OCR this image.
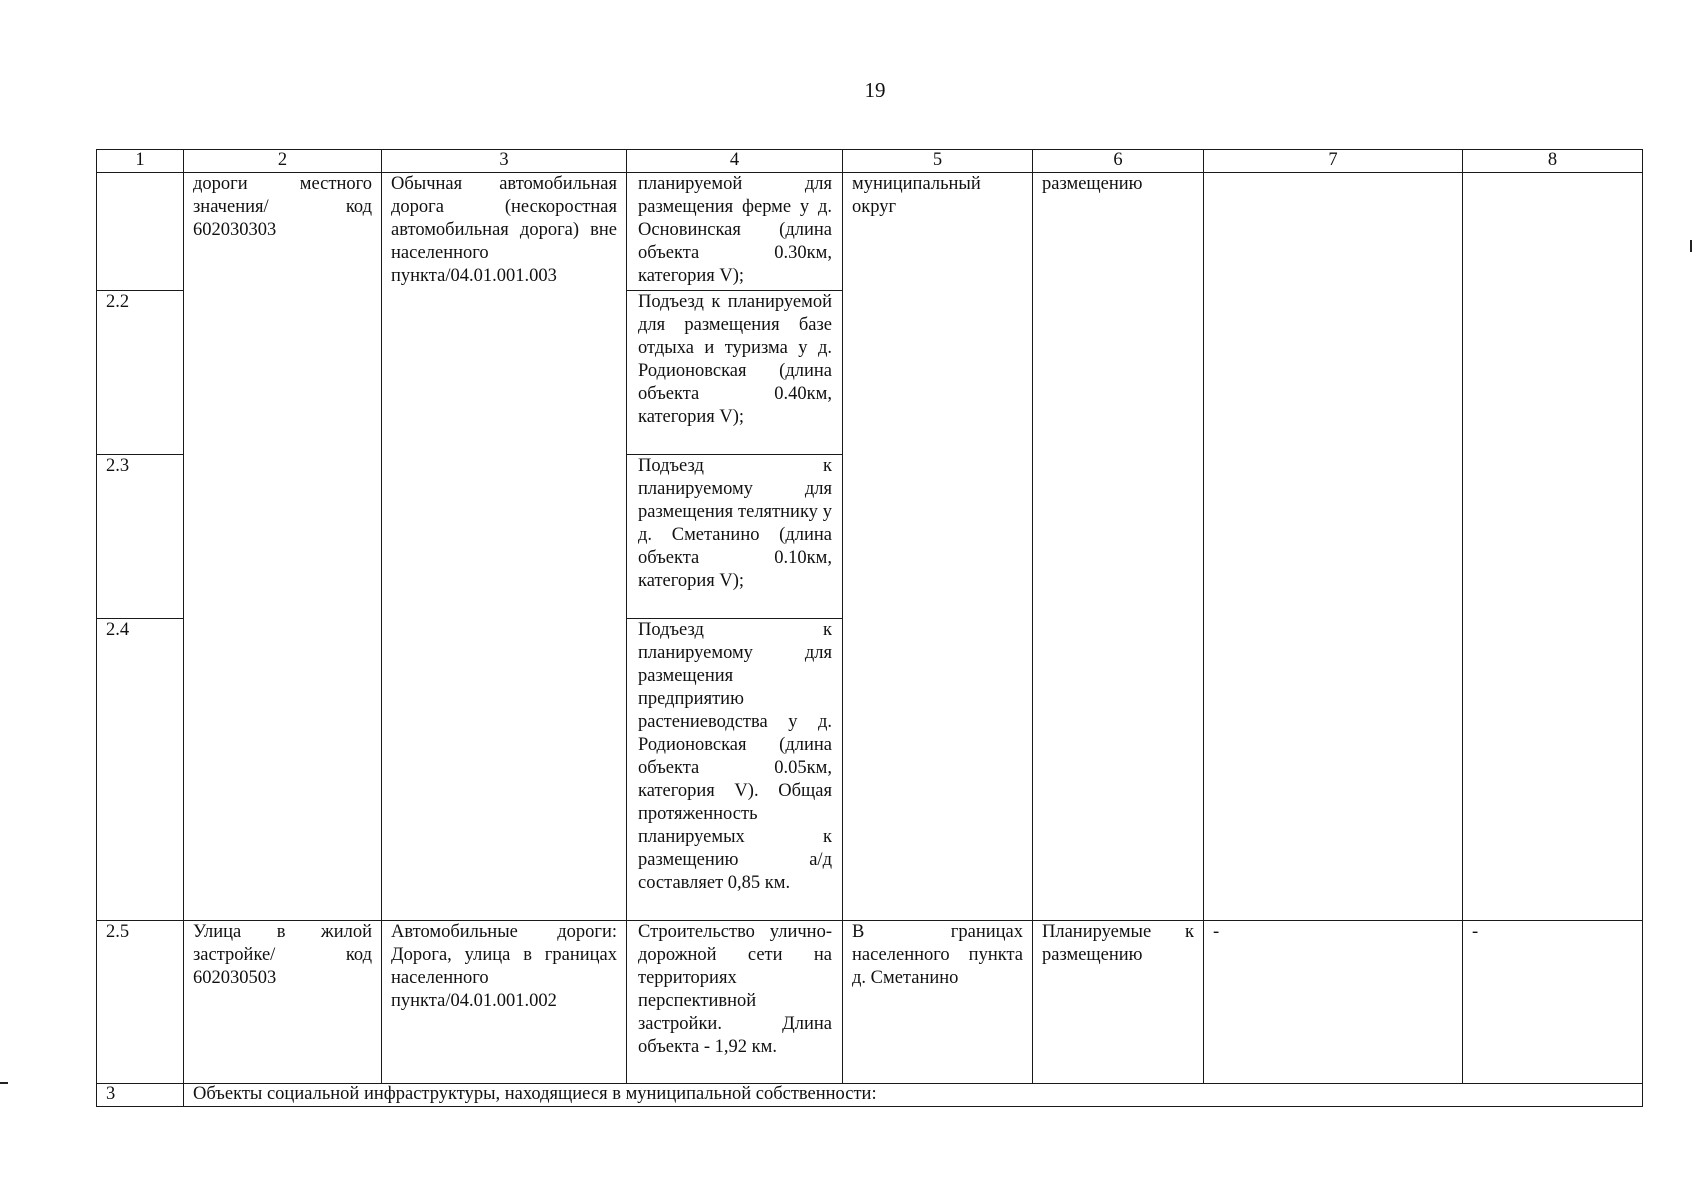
19
1	2	3	4	5	6	7	8
	дороги местного значения/ код 602030303	Обычная автомобильная дорога (нескоростная автомобильная дорога) вне населенного пункта/04.01.001.003	планируемой для размещения ферме у д. Основинская (длина объекта 0.30км, категория V);	муниципальный округ	размещению		
2.2			Подъезд к планируемой для размещения базе отдыха и туризма у д. Родионовская (длина объекта 0.40км, категория V);				
2.3			Подъезд к планируемому для размещения телятнику у д. Сметанино (длина объекта 0.10км, категория V);				
2.4			Подъезд к планируемому для размещения предприятию растениеводства у д. Родионовская (длина объекта 0.05км, категория V). Общая протяженность планируемых к размещению а/д составляет 0,85 км.				
2.5	Улица в жилой застройке/ код 602030503	Автомобильные дороги: Дорога, улица в границах населенного пункта/04.01.001.002	Строительство улично-дорожной сети на территориях перспективной застройки. Длина объекта - 1,92 км.	В границах населенного пункта д. Сметанино	Планируемые к размещению	-	-
3	Объекты социальной инфраструктуры, находящиеся в муниципальной собственности:						
